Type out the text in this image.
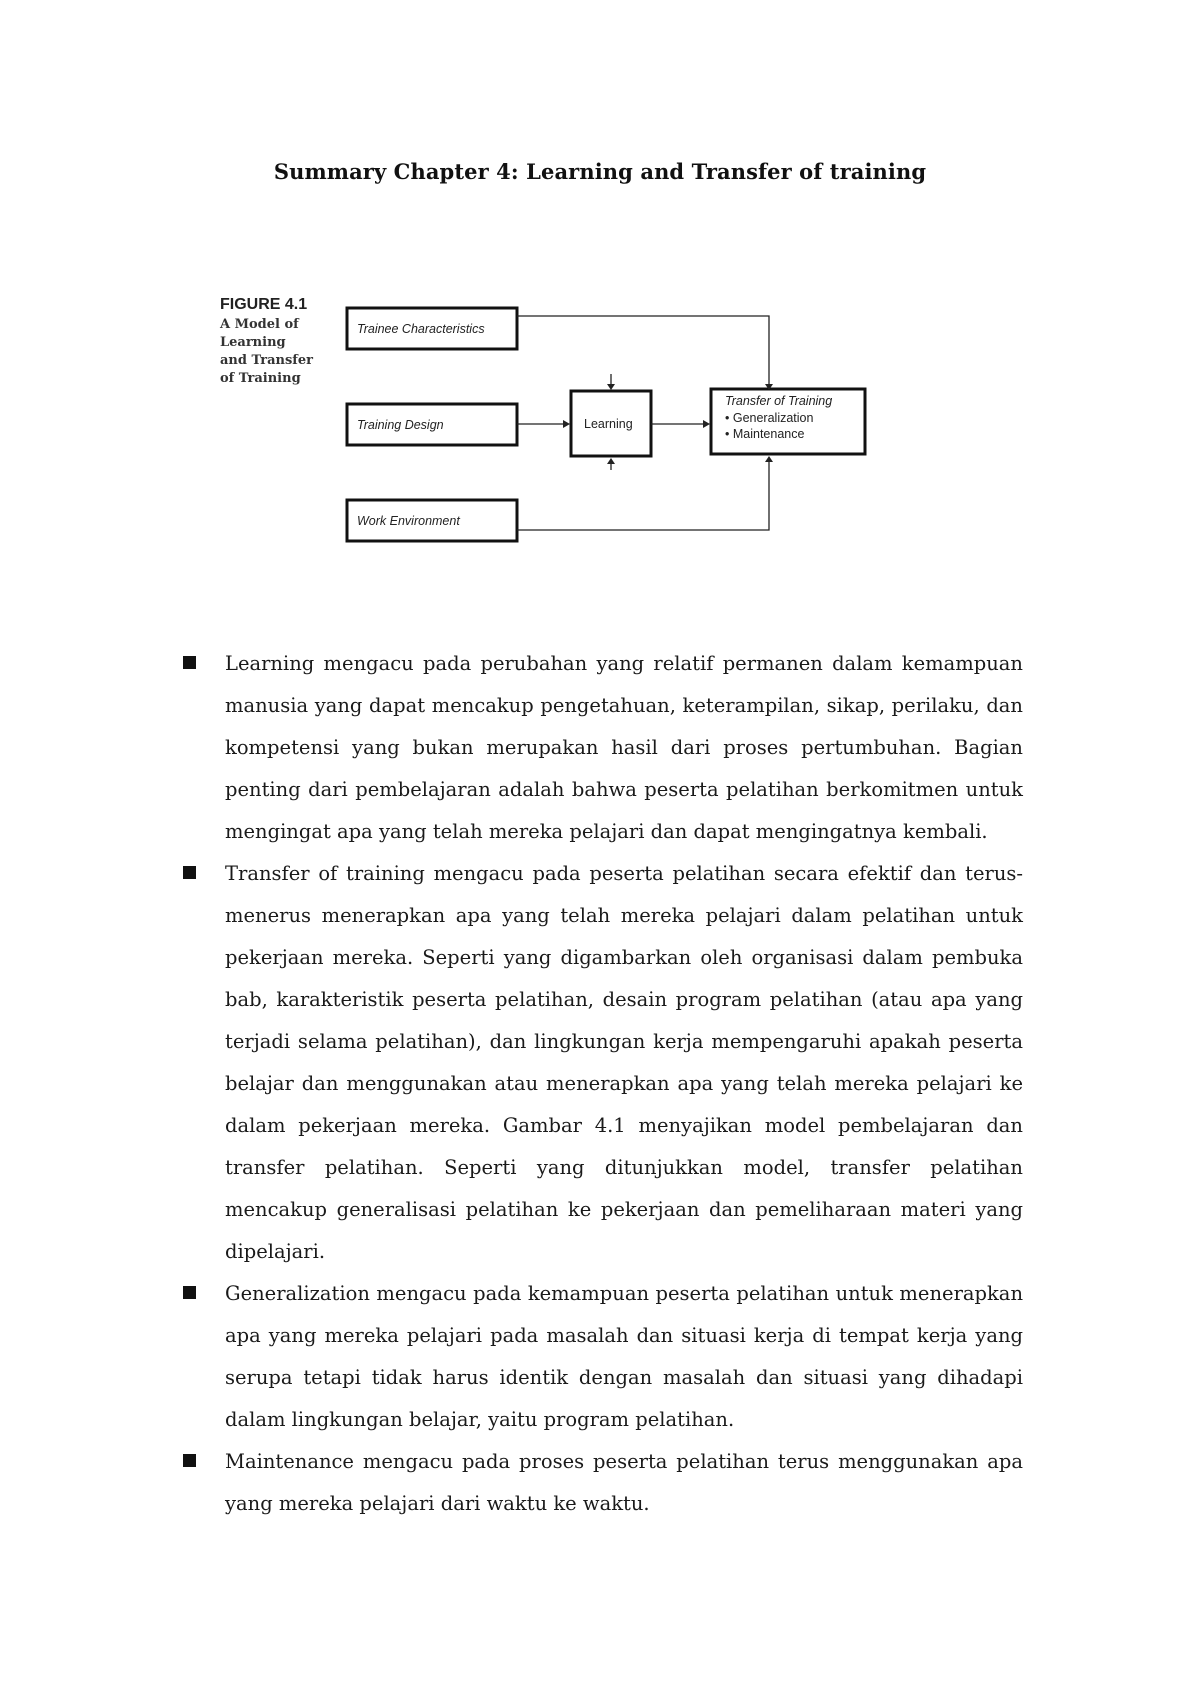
Summary Chapter 4: Learning and Transfer of training
FIGURE 4.1
A Model of Learning and Transfer of Training
Trainee Characteristics
Training Design
Work Environment
Learning
Transfer of Training
• Generalization
• Maintenance
Learning mengacu pada perubahan yang relatif permanen dalam kemampuan manusia yang dapat mencakup pengetahuan, keterampilan, sikap, perilaku, dan kompetensi yang bukan merupakan hasil dari proses pertumbuhan. Bagian penting dari pembelajaran adalah bahwa peserta pelatihan berkomitmen untuk mengingat apa yang telah mereka pelajari dan dapat mengingatnya kembali.
Transfer of training mengacu pada peserta pelatihan secara efektif dan terus-menerus menerapkan apa yang telah mereka pelajari dalam pelatihan untuk pekerjaan mereka. Seperti yang digambarkan oleh organisasi dalam pembuka bab, karakteristik peserta pelatihan, desain program pelatihan (atau apa yang terjadi selama pelatihan), dan lingkungan kerja mempengaruhi apakah peserta belajar dan menggunakan atau menerapkan apa yang telah mereka pelajari ke dalam pekerjaan mereka. Gambar 4.1 menyajikan model pembelajaran dan transfer pelatihan. Seperti yang ditunjukkan model, transfer pelatihan mencakup generalisasi pelatihan ke pekerjaan dan pemeliharaan materi yang dipelajari.
Generalization mengacu pada kemampuan peserta pelatihan untuk menerapkan apa yang mereka pelajari pada masalah dan situasi kerja di tempat kerja yang serupa tetapi tidak harus identik dengan masalah dan situasi yang dihadapi dalam lingkungan belajar, yaitu program pelatihan.
Maintenance mengacu pada proses peserta pelatihan terus menggunakan apa yang mereka pelajari dari waktu ke waktu.
